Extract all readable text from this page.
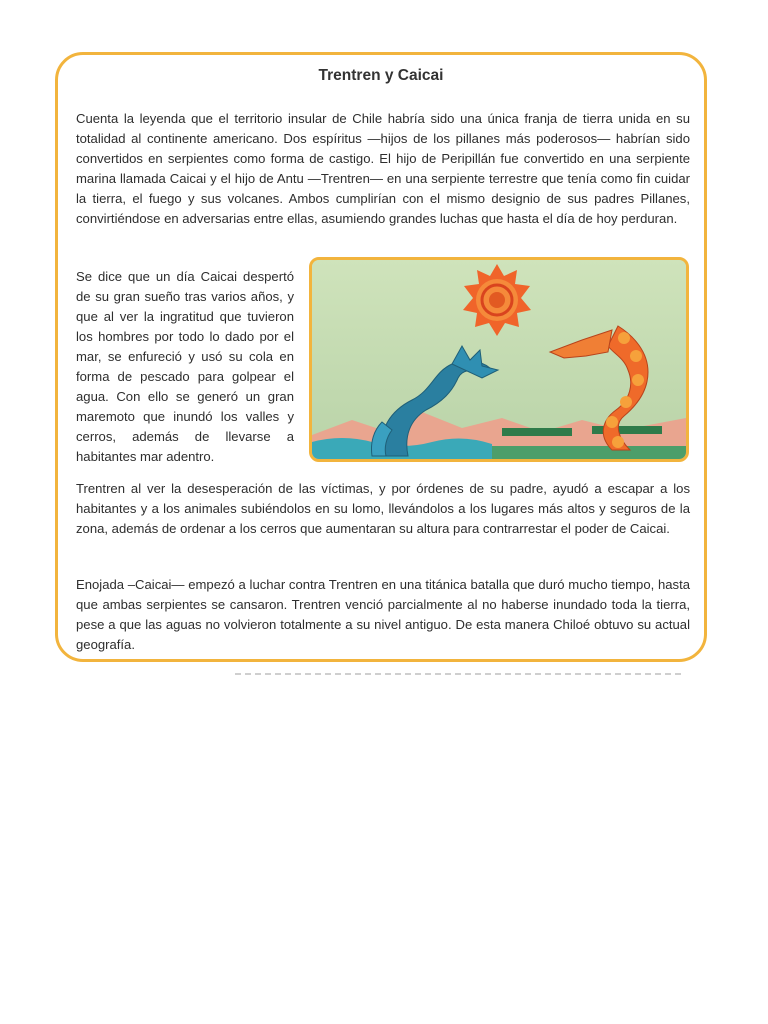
Trentren y Caicai

Cuenta la leyenda que el territorio insular de Chile habría sido una única franja de tierra unida en su totalidad al continente americano. Dos espíritus —hijos de los pillanes más poderosos— habrían sido convertidos en serpientes como forma de castigo. El hijo de Peripillán fue convertido en una serpiente marina llamada Caicai y el hijo de Antu —Trentren— en una serpiente terrestre que tenía como fin cuidar la tierra, el fuego y sus volcanes. Ambos cumplirían con el mismo designio de sus padres Pillanes, convirtiéndose en adversarias entre ellas, asumiendo grandes luchas que hasta el día de hoy perduran.

Se dice que un día Caicai despertó de su gran sueño tras varios años, y que al ver la ingratitud que tuvieron los hombres por todo lo dado por el mar, se enfureció y usó su cola en forma de pescado para golpear el agua. Con ello se generó un gran maremoto que inundó los valles y cerros, además de llevarse a habitantes mar adentro.

Trentren al ver la desesperación de las víctimas, y por órdenes de su padre, ayudó a escapar a los habitantes y a los animales subiéndolos en su lomo, llevándolos a los lugares más altos y seguros de la zona, además de ordenar a los cerros que aumentaran su altura para contrarrestar el poder de Caicai.

Enojada –Caicai— empezó a luchar contra Trentren en una titánica batalla que duró mucho tiempo, hasta que ambas serpientes se cansaron. Trentren venció parcialmente al no haberse inundado toda la tierra, pese a que las aguas no volvieron totalmente a su nivel antiguo. De esta manera Chiloé obtuvo su actual geografía.
